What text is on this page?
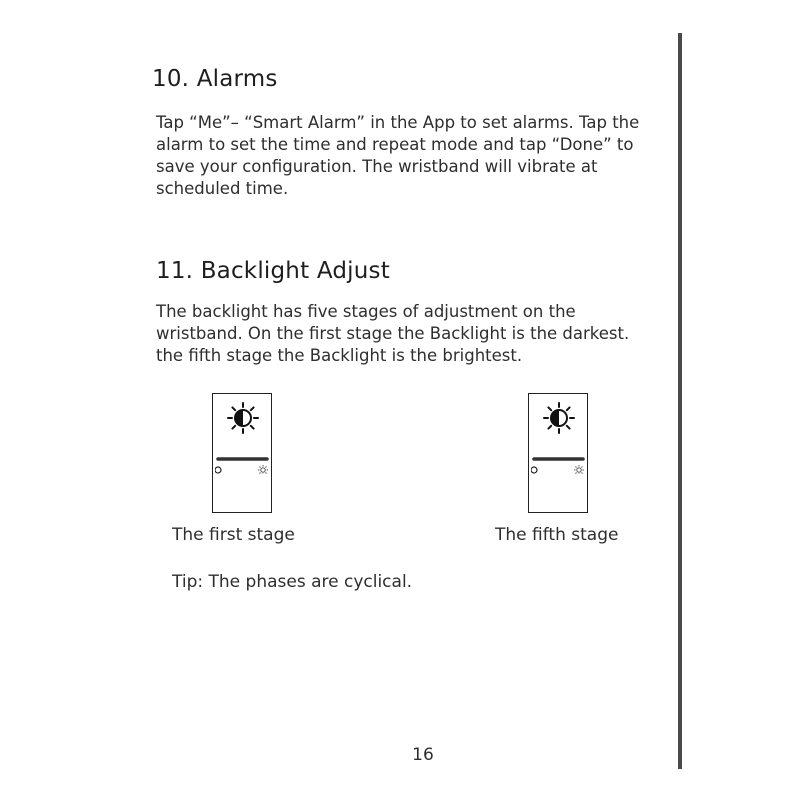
10. Alarms

Tap “Me”– “Smart Alarm” in the App to set alarms. Tap the
alarm to set the time and repeat mode and tap “Done” to
save your configuration. The wristband will vibrate at
scheduled time.

11. Backlight Adjust

The backlight has five stages of adjustment on the
wristband. On the first stage the Backlight is the darkest.
the fifth stage the Backlight is the brightest.

The first stage	The fifth stage

Tip: The phases are cyclical.

16
